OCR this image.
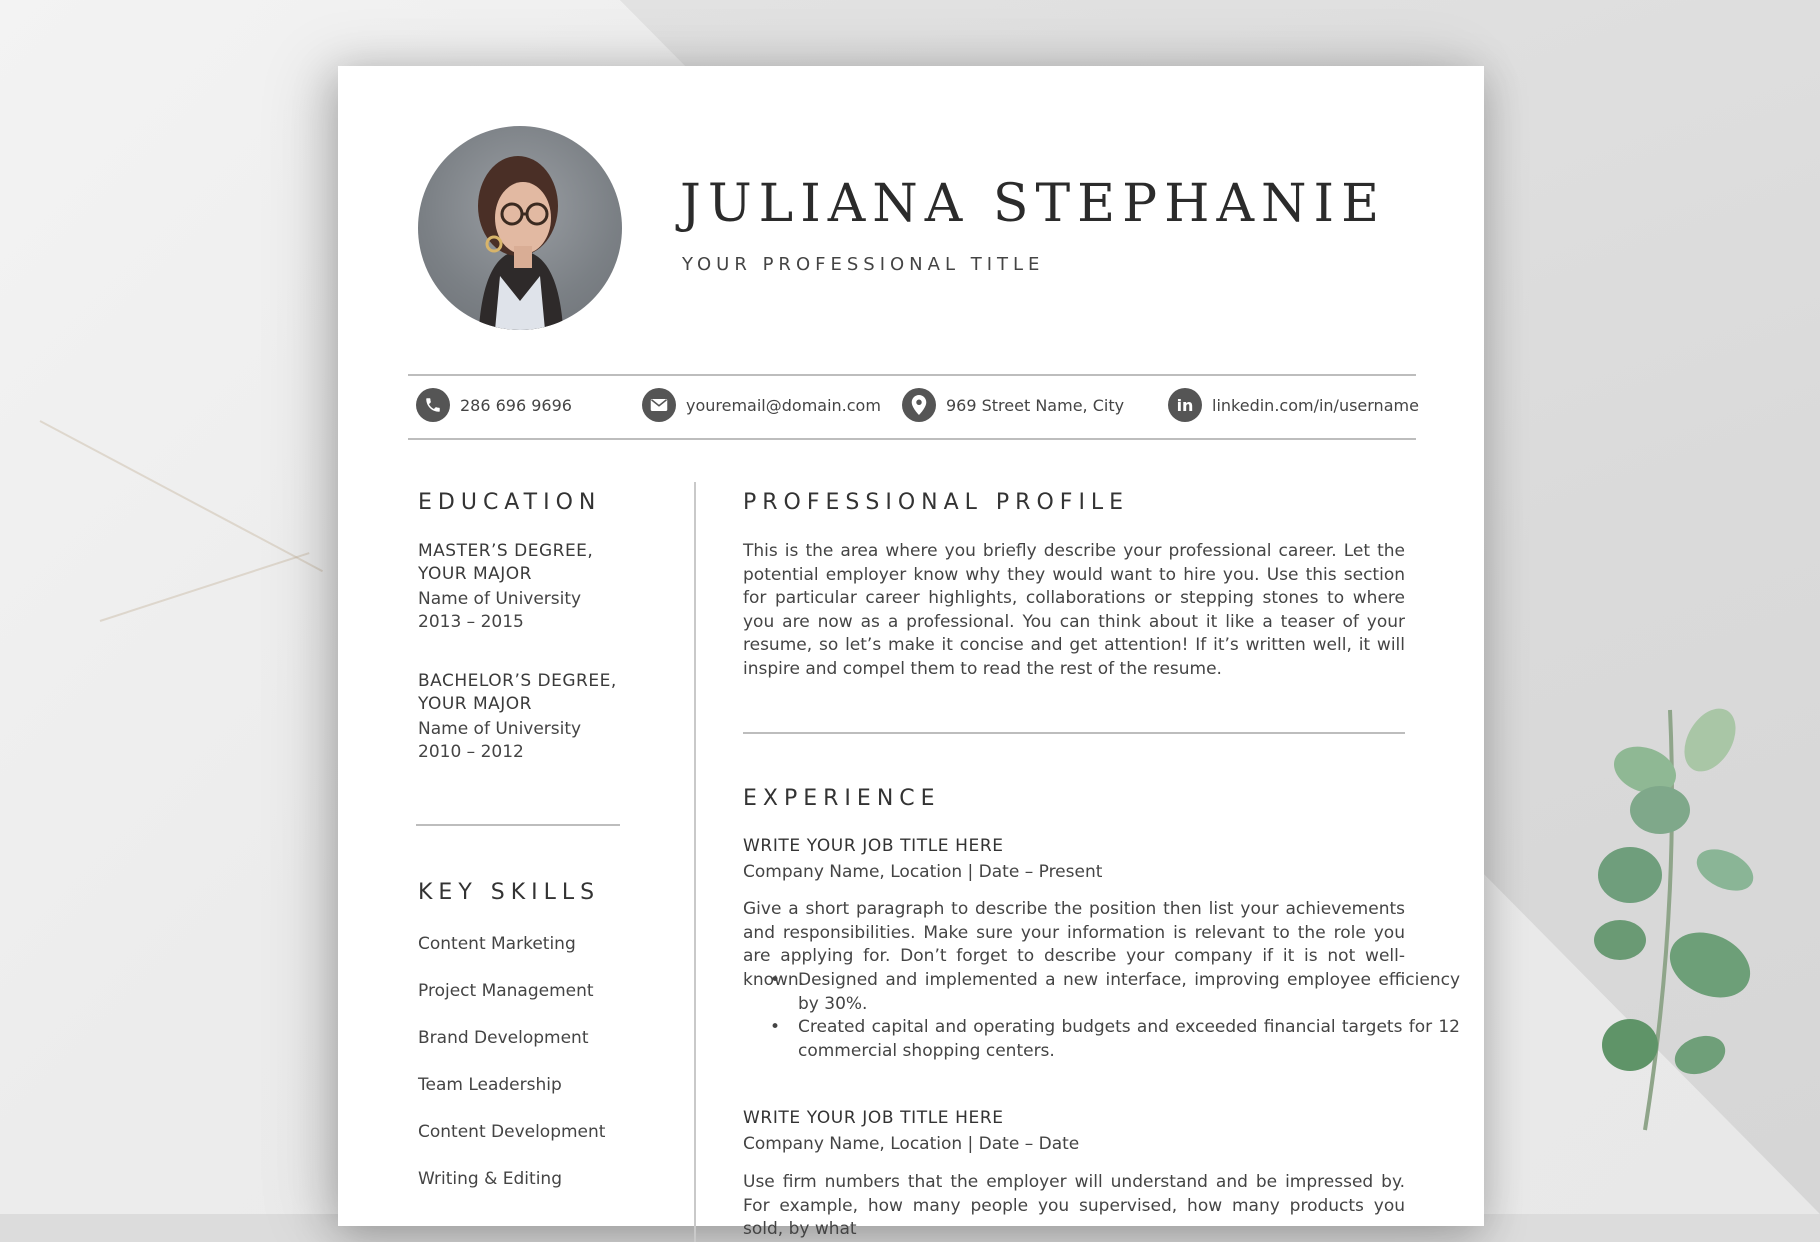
JULIANA STEPHANIE
YOUR PROFESSIONAL TITLE
286 696 9696	youremail@domain.com	969 Street Name, City	in linkedin.com/in/username
EDUCATION
MASTER’S DEGREE,
YOUR MAJOR
Name of University
2013 – 2015
BACHELOR’S DEGREE,
YOUR MAJOR
Name of University
2010 – 2012
KEY SKILLS
Content Marketing
Project Management
Brand Development
Team Leadership
Content Development
Writing & Editing
PROFESSIONAL PROFILE

This is the area where you briefly describe your professional career. Let the potential employer know why they would want to hire you. Use this section for particular career highlights, collaborations or stepping stones to where you are now as a professional. You can think about it like a teaser of your resume, so let’s make it concise and get attention! If it’s written well, it will inspire and compel them to read the rest of the resume.

EXPERIENCE
WRITE YOUR JOB TITLE HERE
Company Name, Location | Date – Present

Give a short paragraph to describe the position then list your achievements and responsibilities. Make sure your information is relevant to the role you are applying for. Don’t forget to describe your company if it is not well-known.

• Designed and implemented a new interface, improving employee efficiency by 30%.
• Created capital and operating budgets and exceeded financial targets for 12 commercial shopping centers.
WRITE YOUR JOB TITLE HERE
Company Name, Location | Date – Date

Use firm numbers that the employer will understand and be impressed by. For example, how many people you supervised, how many products you sold, by what
